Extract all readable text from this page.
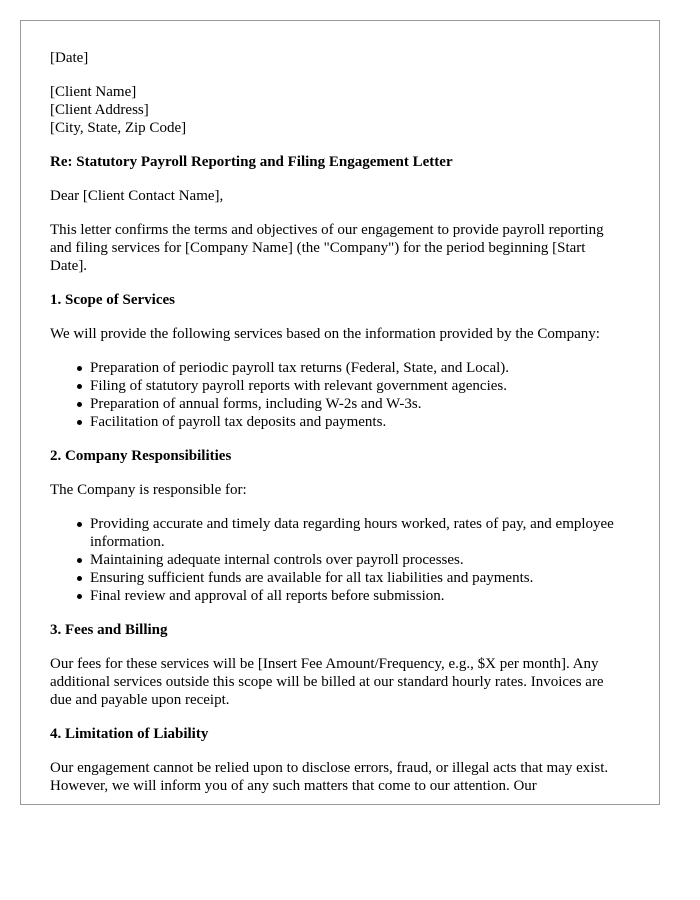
[Date]

[Client Name]
[Client Address]
[City, State, Zip Code]

Re: Statutory Payroll Reporting and Filing Engagement Letter

Dear [Client Contact Name],

This letter confirms the terms and objectives of our engagement to provide payroll reporting and filing services for [Company Name] (the "Company") for the period beginning [Start Date].

1. Scope of Services

We will provide the following services based on the information provided by the Company:

Preparation of periodic payroll tax returns (Federal, State, and Local).
Filing of statutory payroll reports with relevant government agencies.
Preparation of annual forms, including W-2s and W-3s.
Facilitation of payroll tax deposits and payments.
2. Company Responsibilities

The Company is responsible for:

Providing accurate and timely data regarding hours worked, rates of pay, and employee information.
Maintaining adequate internal controls over payroll processes.
Ensuring sufficient funds are available for all tax liabilities and payments.
Final review and approval of all reports before submission.
3. Fees and Billing

Our fees for these services will be [Insert Fee Amount/Frequency, e.g., $X per month]. Any additional services outside this scope will be billed at our standard hourly rates. Invoices are due and payable upon receipt.

4. Limitation of Liability

Our engagement cannot be relied upon to disclose errors, fraud, or illegal acts that may exist. However, we will inform you of any such matters that come to our attention. Our
